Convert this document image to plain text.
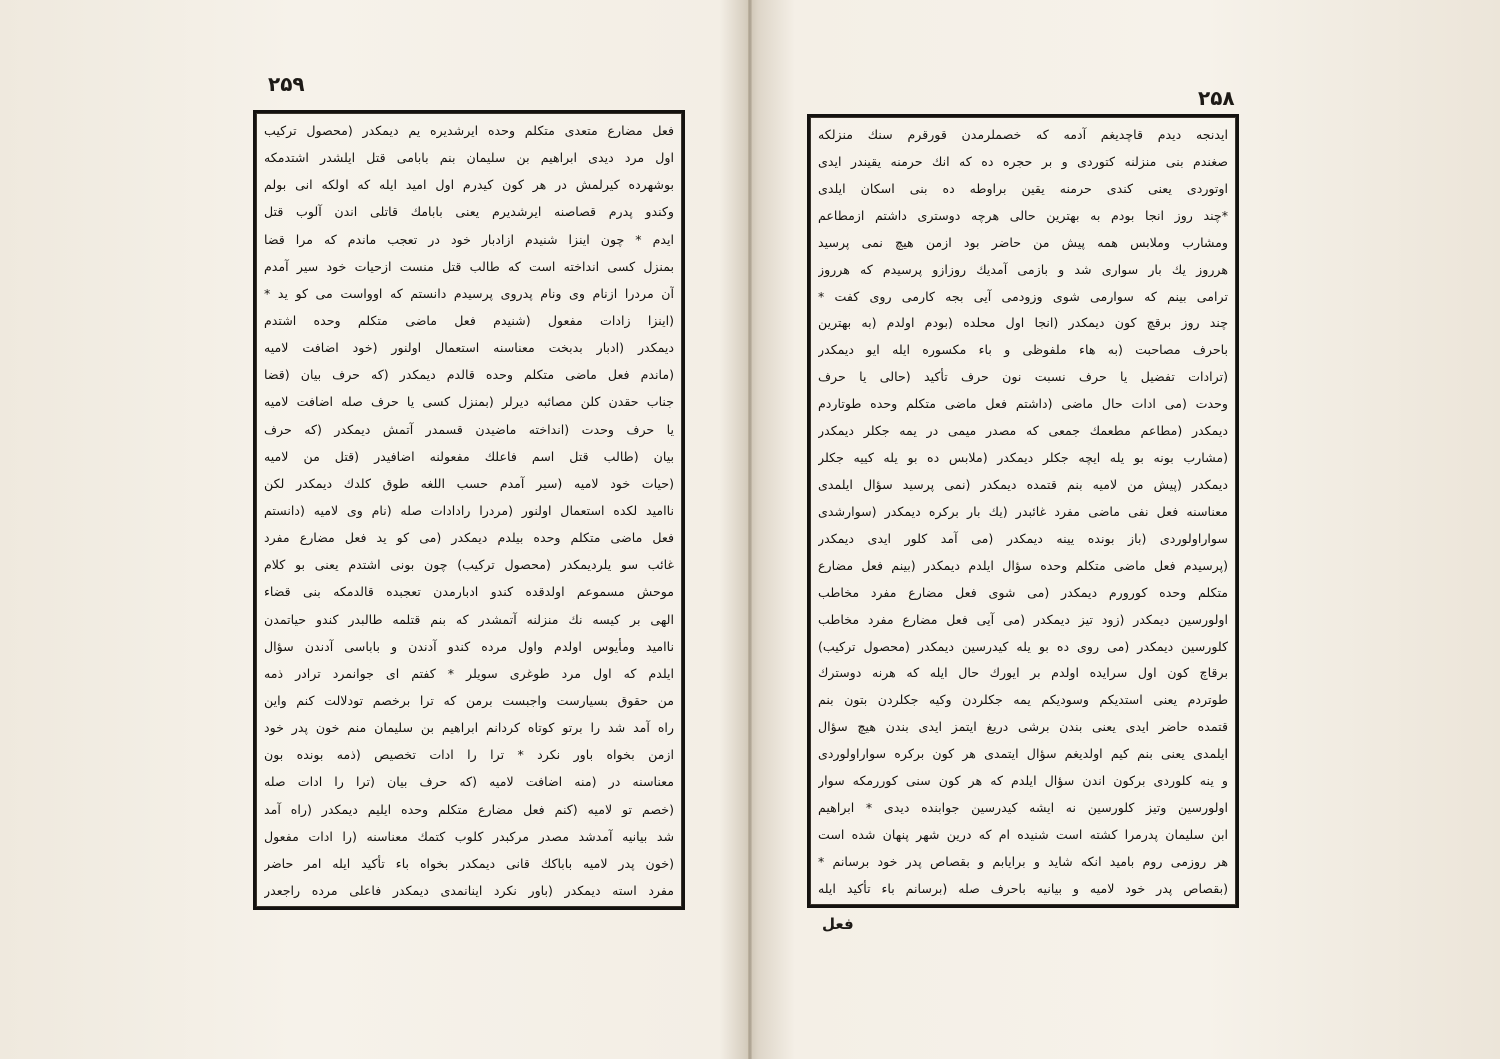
۲۵۹
فعل مضارع متعدی متکلم وحده ایرشدیره یم دیمکدر (محصول ترکیب
اول مرد دیدی ابراهیم بن سلیمان بنم بابامی قتل ایلشدر اشتدمکه
بوشهرده کیرلمش در هر کون کیدرم اول امید ایله که اولکه انی بولم
وکندو پدرم قصاصنه ایرشدیرم یعنی بابامك قاتلی اندن آلوب قتل
ایدم * چون اینزا شنیدم ازادبار خود در تعجب ماندم که مرا قضا
بمنزل کسی انداخته است که طالب قتل منست ازحیات خود سیر آمدم
آن مردرا ازنام وی ونام پدروی پرسیدم دانستم که اوواست می کو ید *
(اینزا زادات مفعول (شنیدم فعل ماضی متکلم وحده اشتدم
دیمکدر (ادبار بدبخت معناسنه استعمال اولنور (خود اضافت لامیه
(ماندم فعل ماضی متکلم وحده قالدم دیمکدر (که حرف بیان (قضا
جناب حقدن کلن مصائبه دیرلر (بمنزل کسی یا حرف صله اضافت لامیه
یا حرف وحدت (انداخته ماضیدن قسمدر آتمش دیمکدر (که حرف
بیان (طالب قتل اسم فاعلك مفعولنه اضافیدر (قتل من لامیه
(حیات خود لامیه (سیر آمدم حسب اللغه طوق کلدك دیمکدر لکن
ناامید لکده استعمال اولنور (مردرا رادادات صله (نام وی لامیه (دانستم
فعل ماضی متکلم وحده بیلدم دیمکدر (می کو ید فعل مضارع مفرد
غائب سو یلردیمکدر (محصول ترکیب) چون بونی اشتدم یعنی بو کلام
موحش مسموعم اولدقده کندو ادبارمدن تعجبده قالدمکه بنی قضاء
الهی بر کیسه نك منزلنه آتمشدر که بنم قتلمه طالبدر کندو حیاتمدن
ناامید ومأیوس اولدم واول مرده کندو آدندن و باباسی آدندن سؤال
ایلدم که اول مرد طوغری سویلر * کفتم ای جوانمرد ترادر ذمه
من حقوق بسیارست واجبست برمن که ترا برخصم تودلالت کنم واین
راه آمد شد را برتو کوتاه کردانم ابراهیم بن سلیمان منم خون پدر خود
ازمن بخواه باور نکرد * ترا را ادات تخصیص (ذمه بونده بون
معناسنه در (منه اضافت لامیه (که حرف بیان (ترا را ادات صله
(خصم تو لامیه (کنم فعل مضارع متکلم وحده ایلیم دیمکدر (راه آمد
شد بیانیه آمدشد مصدر مرکبدر کلوب کتمك معناسنه (را ادات مفعول
(خون پدر لامیه باباکك قانی دیمکدر بخواه باء تأکید ایله امر حاضر
مفرد استه دیمکدر (باور نکرد اینانمدی دیمکدر فاعلی مرده راجعدر
۲۵۸
ایدنجه دیدم قاچدیغم آدمه که خصملرمدن قورقرم سنك منزلكه
صغندم بنی منزلنه کتوردی و بر حجره ده که انك حرمنه یقیندر ایدی
اوتوردی یعنی کندی حرمنه یقین براوطه ده بنی اسکان ایلدی
*چند روز انجا بودم به بهترین حالی هرچه دوستری داشتم ازمطاعم
ومشارب وملابس همه پیش من حاضر بود ازمن هیچ نمی پرسید
هرروز یك بار سواری شد و بازمی آمدیك روزازو پرسیدم كه هرروز
ترامی بینم كه سوارمی شوی وزودمی آیی بجه كارمی روی كفت *
چند روز برقچ کون دیمکدر (انجا اول محلده (بودم اولدم (به بهترین
باحرف مصاحبت (به هاء ملفوظی و باء مکسوره ایله ایو دیمکدر
(ترادات تفضیل یا حرف نسبت نون حرف تأکید (حالی یا حرف
وحدت (می ادات حال ماضی (داشتم فعل ماضی متکلم وحده طوتاردم
دیمکدر (مطاعم مطعمك جمعی که مصدر میمی در یمه جکلر دیمکدر
(مشارب بونه بو یله ایچه جکلر دیمکدر (ملابس ده بو یله کییه جکلر
دیمکدر (پیش من لامیه بنم قتمده دیمکدر (نمی پرسید سؤال ایلمدی
معناسنه فعل نفی ماضی مفرد غائبدر (یك بار برکره دیمکدر (سوارشدی
سواراولوردی (باز بونده یینه دیمکدر (می آمد کلور ایدی دیمکدر
(پرسیدم فعل ماضی متکلم وحده سؤال ایلدم دیمکدر (بینم فعل مضارع
متکلم وحده کورورم دیمکدر (می شوی فعل مضارع مفرد مخاطب
اولورسین دیمکدر (زود تیز دیمکدر (می آیی فعل مضارع مفرد مخاطب
کلورسین دیمکدر (می روی ده بو یله کیدرسین دیمکدر (محصول ترکیب)
برقاچ کون اول سرایده اولدم بر ایورك حال ایله که هرنه دوسترك
طوتردم یعنی استدیکم وسودیکم یمه جکلردن وکیه جکلردن بتون بنم
قتمده حاضر ایدی یعنی بندن برشی دریغ ایتمز ایدی بندن هیچ سؤال
ایلمدی یعنی بنم کیم اولدیغم سؤال ایتمدی هر کون برکره سواراولوردی
و ینه کلوردی برکون اندن سؤال ایلدم که هر کون سنی کوررمکه سوار
اولورسین وتیز کلورسین نه ایشه کیدرسین جوابنده دیدی * ابراهیم
ابن سلیمان پدرمرا کشته است شنیده ام که درین شهر پنهان شده است
هر روزمی روم بامید انکه شاید و برایابم و بقصاص پدر خود برسانم *
(بقصاص پدر خود لامیه و بیانیه باحرف صله (برسانم باء تأکید ایله
فعل
